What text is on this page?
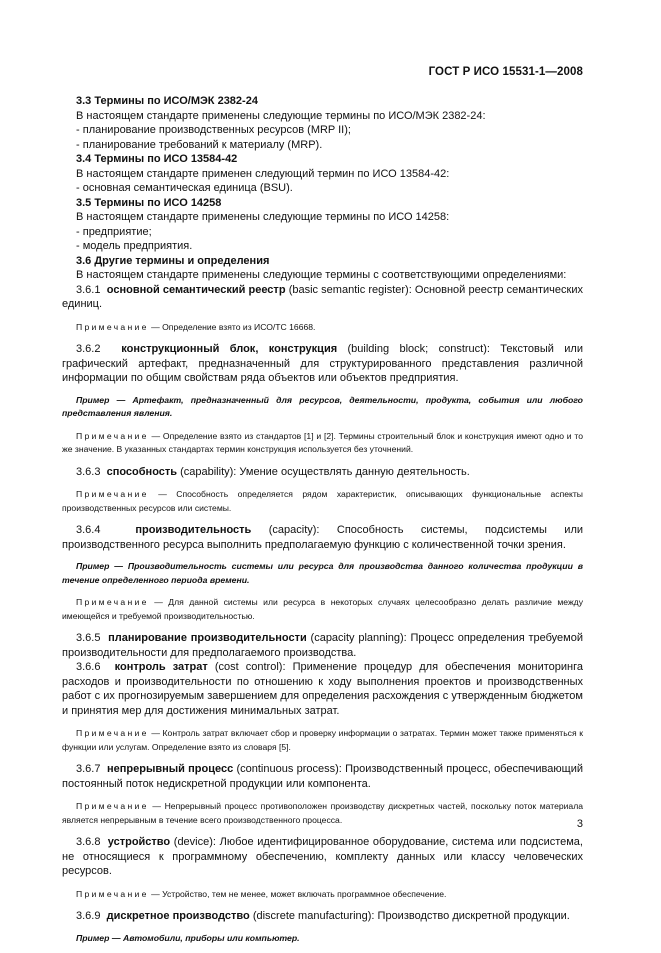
ГОСТ Р ИСО 15531-1—2008

3.3 Термины по ИСО/МЭК 2382-24

В настоящем стандарте применены следующие термины по ИСО/МЭК 2382-24:

- планирование производственных ресурсов (MRP II);

- планирование требований к материалу (MRP).

3.4 Термины по ИСО 13584-42

В настоящем стандарте применен следующий термин по ИСО 13584-42:

- основная семантическая единица (BSU).

3.5 Термины по ИСО 14258

В настоящем стандарте применены следующие термины по ИСО 14258:

- предприятие;

- модель предприятия.

3.6 Другие термины и определения

В настоящем стандарте применены следующие термины с соответствующими определениями:

3.6.1 основной семантический реестр (basic semantic register): Основной реестр семантических единиц.

Примечание — Определение взято из ИСО/ТС 16668.

3.6.2 конструкционный блок, конструкция (building block; construct): Текстовый или графический артефакт, предназначенный для структурированного представления различной информации по общим свойствам ряда объектов или объектов предприятия.

Пример — Артефакт, предназначенный для ресурсов, деятельности, продукта, события или любого представления явления.

Примечание — Определение взято из стандартов [1] и [2]. Термины строительный блок и конструкция имеют одно и то же значение. В указанных стандартах термин конструкция используется без уточнений.

3.6.3 способность (capability): Умение осуществлять данную деятельность.

Примечание — Способность определяется рядом характеристик, описывающих функциональные аспекты производственных ресурсов или системы.

3.6.4	производительность (capacity): Способность системы, подсистемы или производственного ресурса выполнить предполагаемую функцию с количественной точки зрения.

Пример — Производительность системы или ресурса для производства данного количества продукции в течение определенного периода времени.

Примечание — Для данной системы или ресурса в некоторых случаях целесообразно делать различие между имеющейся и требуемой производительностью.

3.6.5 планирование производительности (capacity planning): Процесс определения требуемой производительности для предполагаемого производства.

3.6.6 контроль затрат (cost control): Применение процедур для обеспечения мониторинга расходов и производительности по отношению к ходу выполнения проектов и производственных работ с их прогнозируемым завершением для определения расхождения с утвержденным бюджетом и принятия мер для достижения минимальных затрат.

Примечание — Контроль затрат включает сбор и проверку информации о затратах. Термин может также применяться к функции или услугам. Определение взято из словаря [5].

3.6.7 непрерывный процесс (continuous process): Производственный процесс, обеспечивающий постоянный поток недискретной продукции или компонента.

Примечание — Непрерывный процесс противоположен производству дискретных частей, поскольку поток материала является непрерывным в течение всего производственного процесса.

3.6.8 устройство (device): Любое идентифицированное оборудование, система или подсистема, не относящиеся к программному обеспечению, комплекту данных или классу человеческих ресурсов.

Примечание — Устройство, тем не менее, может включать программное обеспечение.

3.6.9 дискретное производство (discrete manufacturing): Производство дискретной продукции.

Пример — Автомобили, приборы или компьютер.

3
